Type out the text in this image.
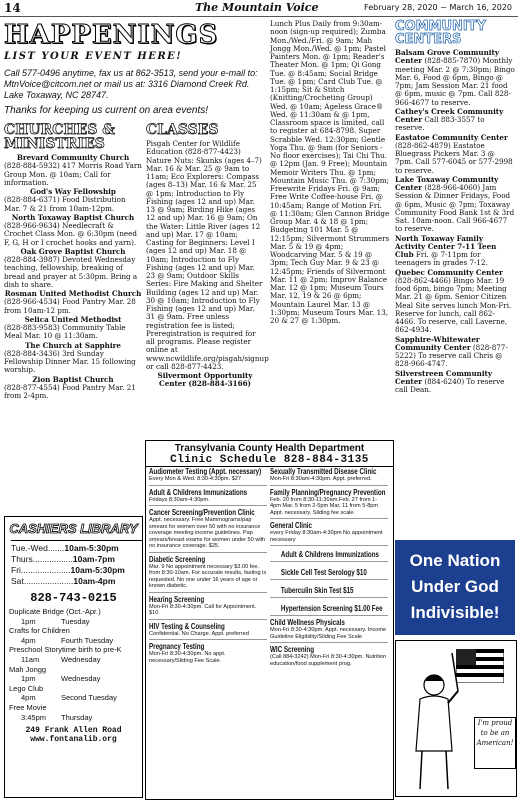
14	The Mountain Voice	February 28, 2020 ~ March 16, 2020
HAPPENINGS
LIST YOUR EVENT HERE!
Call 577-0496 anytime, fax us at 862-3513, send your e-mail to: MtnVoice@citcom.net or mail us at: 3316 Diamond Creek Rd. Lake Toxaway, NC 28747.
Thanks for keeping us current on area events!
CHURCHES & MINISTRIES

Brevard Community Church
(828-884-5932) 417 Morris Road Yarn Group Mon. @ 10am; Call for information.

God's Way Fellowship
(828-884-6371) Food Distribution Mar. 7 & 21 from 10am-12pm.

North Toxaway Baptist Church
(828-966-9634) Needlecraft & Crochet Class Mon. @ 6:30pm (need F, G, H or I crochet hooks and yarn).

Oak Grove Baptist Church
(828-884-3987) Devoted Wednesday teaching, fellowship, breaking of bread and prayer at 5:30pm. Bring a dish to share.

Rosman United Methodist Church
(828-966-4534) Food Pantry Mar. 28 from 10am-12 pm.

Selica United Methodist
(828-883-9583) Community Table Meal Mar. 10 @ 11:30am.

The Church at Sapphire
(828-884-3436) 3rd Sunday Fellowship Dinner Mar. 15 following worship.

Zion Baptist Church
(828-877-4554) Food Pantry Mar. 21 from 2-4pm.

CLASSES

Pisgah Center for Wildlife Education (828-877-4423) Nature Nuts: Skunks (ages 4–7) Mar. 16 & Mar. 25 @ 9am to 11am; Eco Explorers: Compass (ages 8–13) Mar. 16 & Mar. 25 @ 1pm; Introduction to Fly Fishing (ages 12 and up) Mar. 13 @ 9am; Birding Hike (ages 12 and up) Mar. 16 @ 9am; On the Water: Little River (ages 12 and up) Mar. 17 @ 10am; Casting for Beginners: Level I (ages 12 and up) Mar. 18 @ 10am; Introduction to Fly Fishing (ages 12 and up) Mar. 23 @ 9am; Outdoor Skills Series: Fire Making and Shelter Building (ages 12 and up) Mar. 30 @ 10am; Introduction to Fly Fishing (ages 12 and up) Mar. 31 @ 9am. Free unless registration fee is listed; Preregistration is required for all programs. Please register online at www.ncwildlife.org/pisgah/signup or call 828-877-4423.

Silvermont Opportunity Center (828-884-3166)

Lunch Plus Daily from 9:30am-noon (sign-up required); Zumba Mon./Wed./Fri. @ 9am; Mah Jongg Mon./Wed. @ 1pm; Pastel Painters Mon. @ 1pm; Reader's Theater Mon. @ 1pm; Qi Gong Tue. @ 8:45am; Social Bridge Tue. @ 1pm; Card Club Tue. @ 1:15pm; Sit & Stitch (Knitting/Crocheting Group) Wed. @ 10am; Ageless Grace® Wed. @ 11:30am & @ 1pm, Classroom space is limited, call to register at 684-8798. Super Scrabble Wed. 12:30pm; Gentle Yoga Thu. @ 9am (for Seniors -No floor exercises); Tai Chi Thu. @ 12pm (Jan. 9 Free); Mountain Memoir Writers Thu. @ 1pm; Mountain Music Thu. @ 7:30pm; Freewrite Fridays Fri. @ 9am; Free Write Coffee-house Fri. @ 10:45am; Range of Motion Fri. @ 11:30am; Glen Cannon Bridge Group Mar. 4 & 18 @ 1pm; Budgeting 101 Mar. 5 @ 12:15pm; Silvermont Strummers Mar. 5 & 19 @ 4pm; Woodcarving Mar. 5 & 19 @ 3pm; Tech Guy Mar. 9 & 23 @ 12:45pm; Friends of Silvermont Mar. 11 @ 2pm; Improv Balance Mar. 12 @ 1pm; Museum Tours Mar. 12, 19 & 26 @ 6pm; Mountain Laurel Mar. 13 @ 1:30pm; Museum Tours Mar. 13, 20 & 27 @ 1:30pm.

COMMUNITY CENTERS

Balsam Grove Community Center (828-885-7870) Monthly meeting Mar. 2 @ 7:30pm; Bingo Mar. 6, Food @ 6pm, Bingo @ 7pm; Jam Session Mar. 21 food @ 6pm, music @ 7pm. Call 828-966-4677 to reserve.

Cathey's Creek Community Center Call 883-3557 to reserve.

Eastatoe Community Center (828-862-4879) Eastatoe Bluegrass Pickers Mar. 3 @ 7pm. Call 577-6045 or 577-2998 to reserve.

Lake Toxaway Community Center (828-966-4060) Jam Session & Dinner Fridays, Food @ 6pm, Music @ 7pm; Toxaway Community Food Bank 1st & 3rd Sat. 10am-noon. Call 966-4677 to reserve.

North Toxaway Family Activity Center 7-11 Teen Club Fri. @ 7-11pm for teenagers in grades 7-12.

Quebec Community Center (828-862-4466) Bingo Mar. 19 food 6pm, bingo 7pm; Meeting Mar. 21 @ 6pm. Senior Citizen Meal Site serves lunch Mon-Fri. Reserve for lunch, call 862-4466. To reserve, call Laverne, 862-4934.

Sapphire-Whitewater Community Center (828-877-5222) To reserve call Chris @ 828-966-4747.

Silverstreen Community Center (884-6240) To reserve call Dean.

CASHIERS LIBRARY
Tue.-Wed.......10am-5:30pm
Thurs.................10am-7pm
Fri.....................10am-5:30pm
Sat.....................10am-4pm
828-743-0215
Duplicate Bridge (Oct.-Apr.)
1pm	Tuesday
Crafts for Children
4pm	Fourth Tuesday
Preschool Storytime birth to pre-K
11am	Wednesday
Mah Jongg
1pm	Wednesday
Lego Club
4pm	Second Tuesday
Free Movie
3:45pm Thursday
249 Frank Allen Road
www.fontanalib.org
Transylvania County Health Department
Clinic Schedule 828-884-3135
Audiometer Testing (Appt. necessary)
Every Mon & Wed. 8:30-4:30pm. $27
Adult & Childrens Immunizations
Fridays 8:30am-4:30pm.
Cancer Screening/Prevention Clinic
Appt. necessary. Free Mammograms/pap smears for women over 50 with no insurance coverage meeting income guidelines. Pap smears/breast exams for women under 50 with no insurance coverage. $25.
Diabetic Screening
Mar. 9 No appointment necessary $3.00 fee. from 8:30-10am. For accurate results, fasting is requested. No one under 16 years of age or known diabetic.
Hearing Screening
Mon-Fri 8:30-4:30pm. Call for Appointment. $10
HIV Testing & Counseling
Confidential. No Charge. Appt. preferred
Pregnancy Testing
Mon-Fri 8:30-4:30pm. No appt. necessary/Sliding Fee Scale.
Sexually Transmitted Disease Clinic
Mon-Fri 8:30am-4:30pm. Appt. preferred.
Family Planning/Pregnancy Prevention
Feb. 20 from 8:30-11:30am Feb. 27 from 1-4pm Mar. 5 from 2-5pm Mar. 11 from 5-8pm Appt. necessary. Sliding fee scale.
General Clinic
every Friday 8:30am-4:30pm No appointment necessary
Adult & Childrens Immunizations
Sickle Cell Test Serology $10
Tuberculin Skin Test $15
Hypertension Screening $1.00 Fee
Child Wellness Physicals
Mon-Fri 8:30-4:30pm. Appt. necessary. Income Guideline Eligibility/Sliding Fee Scale
WIC Screening
(Call 884-3242) Mon-Fri 8:30-4:30pm. Nutrition education/food supplement prog.
One Nation
Under God
Indivisible!
I'm proud to be an American!
